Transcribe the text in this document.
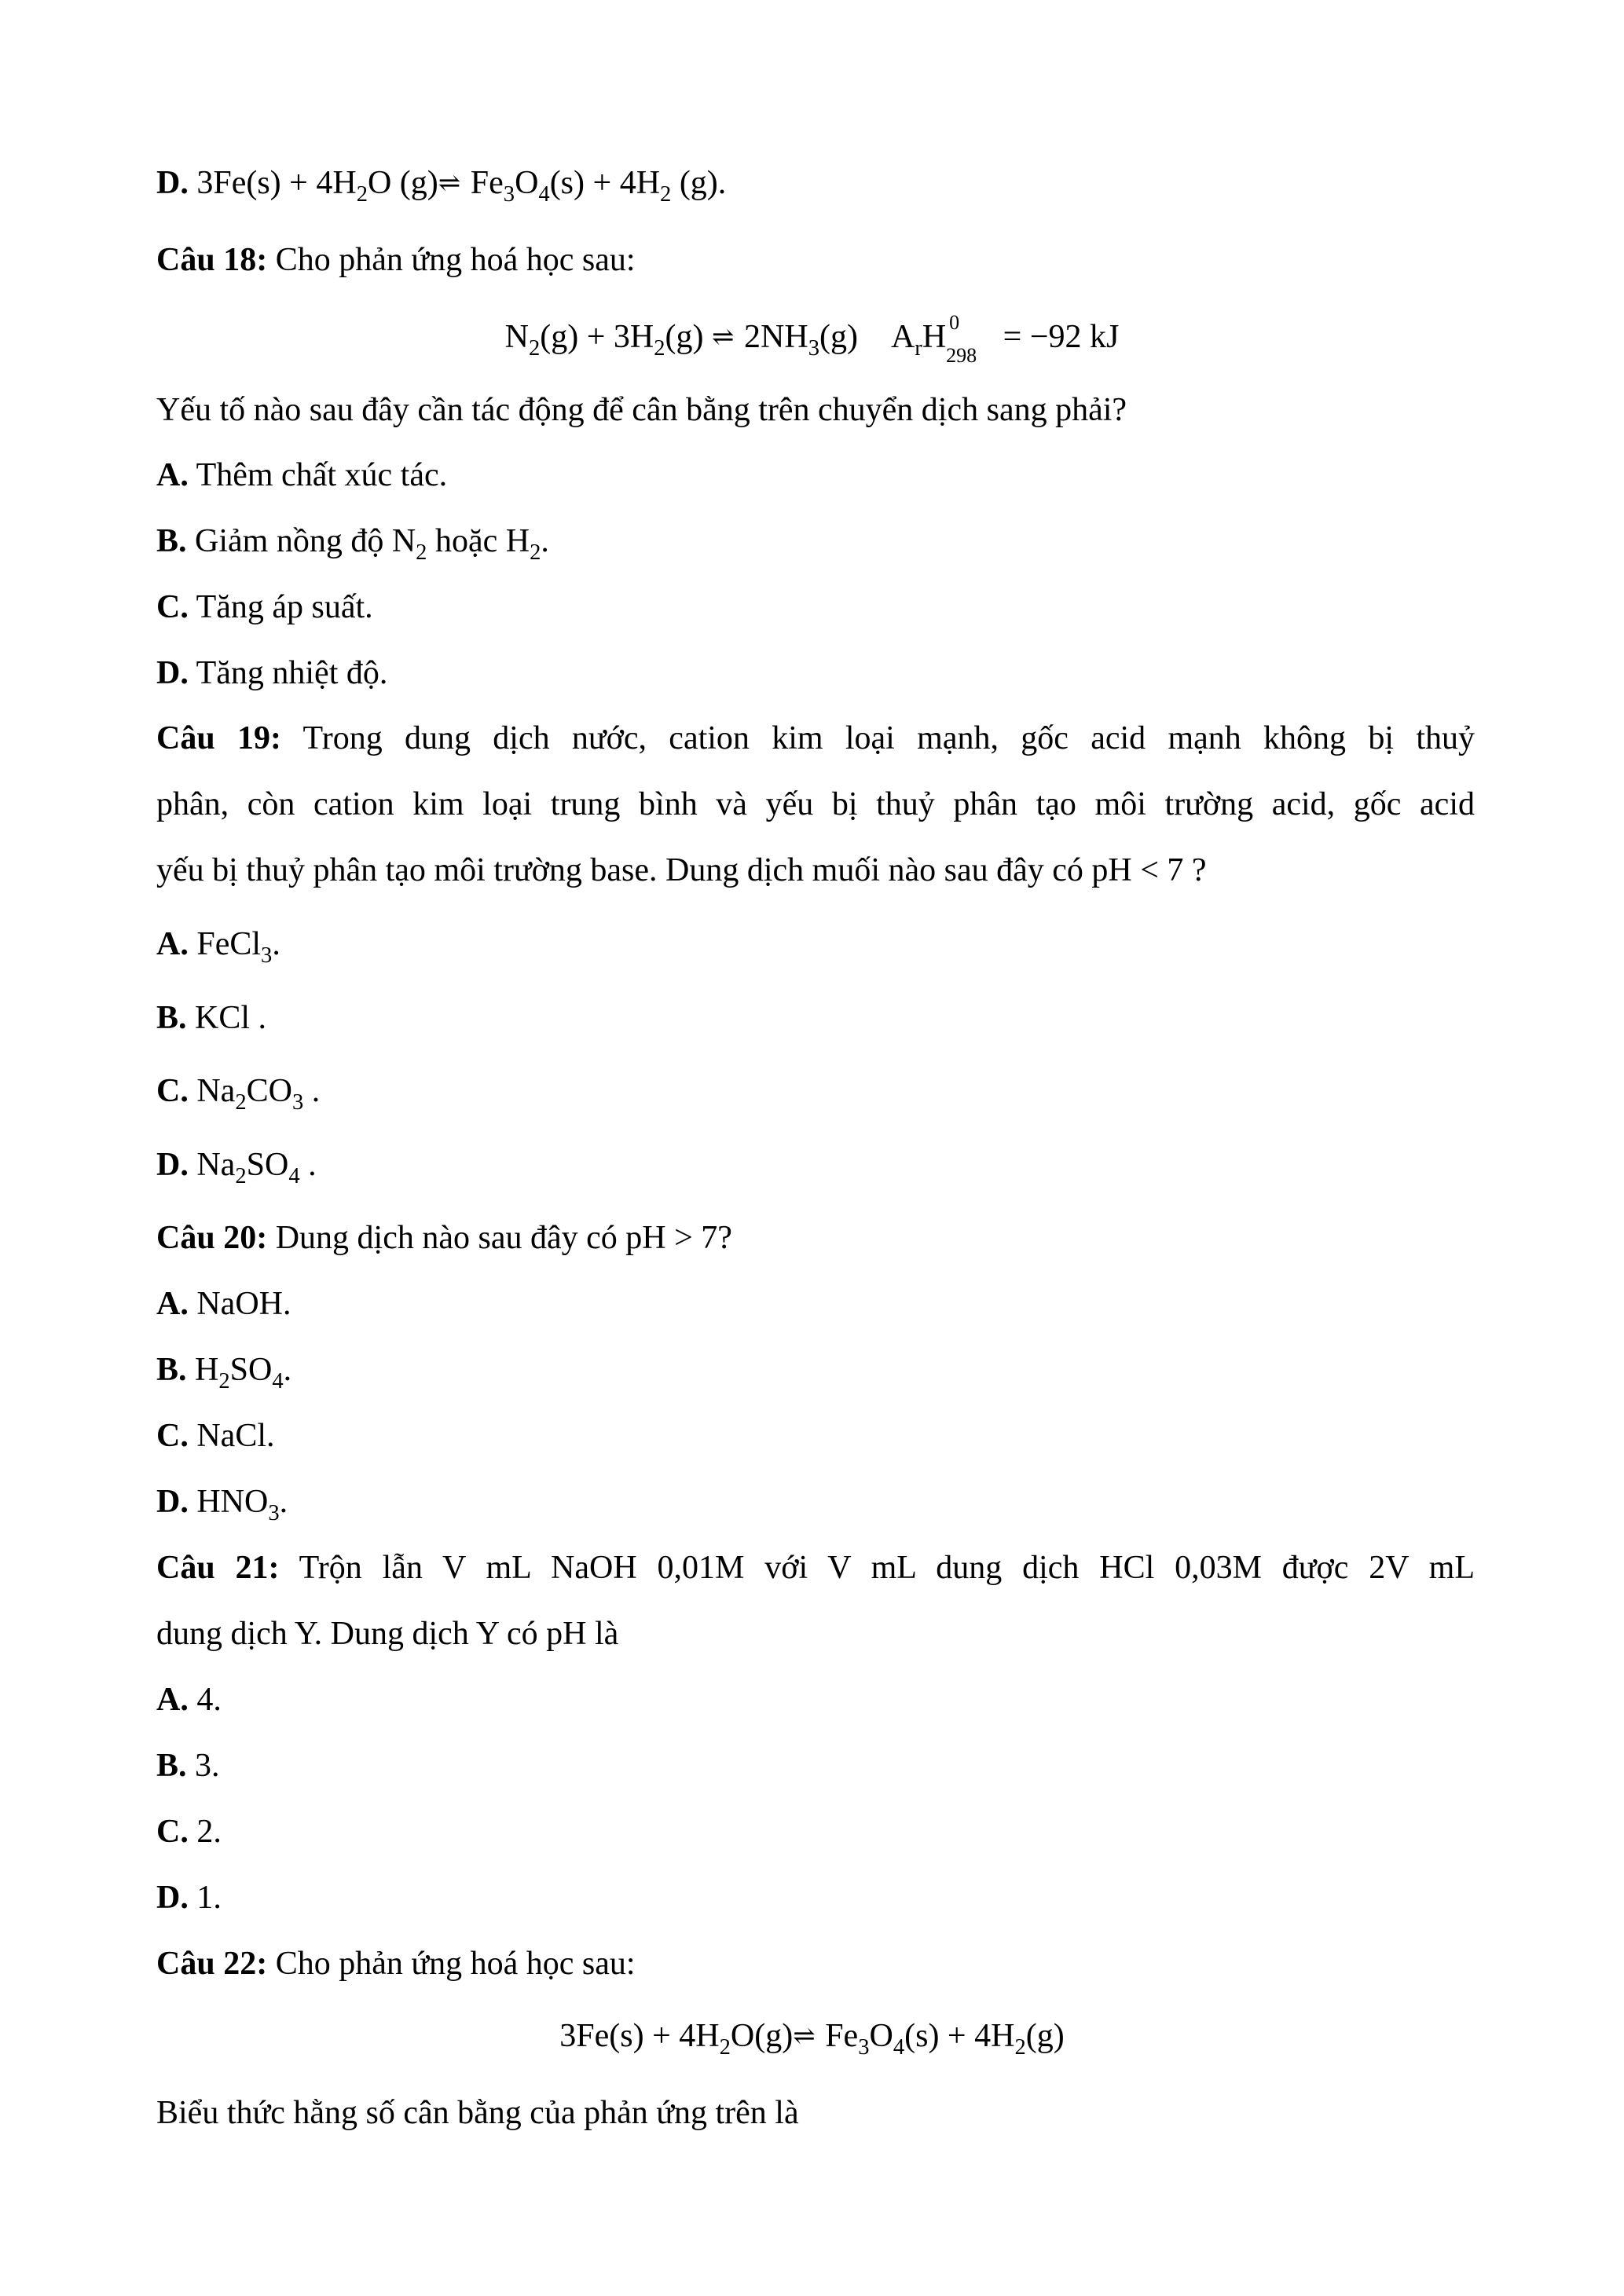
D. $3Fe(s) + 4H_2O$ (g)⇌ $Fe_3O_4(s) + 4H_2$ (g).
Câu 18: Cho phản ứng hoá học sau:
$N_2(g) + 3H_2(g)$ ⇌ $2NH_3(g)$ $A_rH$ 0
298
= −92 kJ
Yếu tố nào sau đây cần tác động để cân bằng trên chuyển dịch sang phải?
A. Thêm chất xúc tác.
B. Giảm nồng độ $N_2$ hoặc $H_2$.
C. Tăng áp suất.
D. Tăng nhiệt độ.
Câu 19: Trong dung dịch nước, cation kim loại mạnh, gốc acid mạnh không bị thuỷ
phân, còn cation kim loại trung bình và yếu bị thuỷ phân tạo môi trường acid, gốc acid
yếu bị thuỷ phân tạo môi trường base. Dung dịch muối nào sau đây có pH < 7 ?
A. FeCl$_3$.
B. KCl .
C. $Na_2CO_3$ .
D. $Na_2SO_4$ .
Câu 20: Dung dịch nào sau đây có pH > 7?
A. NaOH.
B. $H_2SO_4$.
C. NaCl.
D. $HNO_3$.
Câu 21: Trộn lẫn V mL NaOH 0,01M với V mL dung dịch HCl 0,03M được 2V mL
dung dịch Y. Dung dịch Y có pH là
A. 4.
B. 3.
C. 2.
D. 1.
Câu 22: Cho phản ứng hoá học sau:
$3Fe(s) + 4H_2O(g)\rightleftharpoons$ $Fe_3O_4(s) + 4H_2(g)$
Biểu thức hằng số cân bằng của phản ứng trên là
